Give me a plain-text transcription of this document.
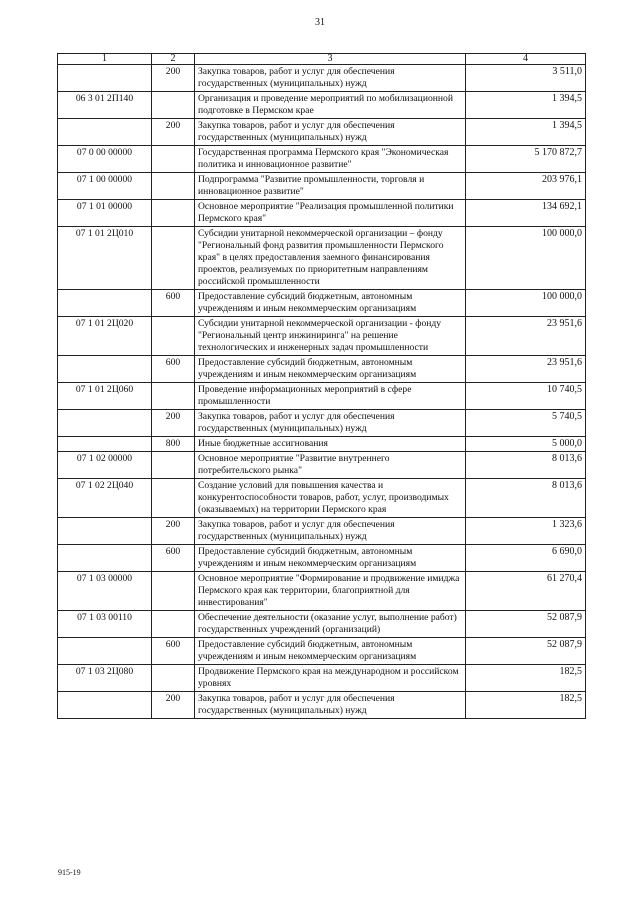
31
1	2	3	4
	200	Закупка товаров, работ и услуг для обеспечения государственных (муниципальных) нужд	3 511,0
06 3 01 2П140		Организация и проведение мероприятий по мобилизационной подготовке в Пермском крае	1 394,5
	200	Закупка товаров, работ и услуг для обеспечения государственных (муниципальных) нужд	1 394,5
07 0 00 00000		Государственная программа Пермского края "Экономическая политика и инновационное развитие"	5 170 872,7
07 1 00 00000		Подпрограмма "Развитие промышленности, торговля и инновационное развитие"	203 976,1
07 1 01 00000		Основное мероприятие "Реализация промышленной политики Пермского края"	134 692,1
07 1 01 2Ц010		Субсидии унитарной некоммерческой организации – фонду "Региональный фонд развития промышленности Пермского края" в целях предоставления заемного финансирования проектов, реализуемых по приоритетным направлениям российской промышленности	100 000,0
	600	Предоставление субсидий бюджетным, автономным учреждениям и иным некоммерческим организациям	100 000,0
07 1 01 2Ц020		Субсидии унитарной некоммерческой организации - фонду "Региональный центр инжиниринга" на решение технологических и инженерных задач промышленности	23 951,6
	600	Предоставление субсидий бюджетным, автономным учреждениям и иным некоммерческим организациям	23 951,6
07 1 01 2Ц060		Проведение информационных мероприятий в сфере промышленности	10 740,5
	200	Закупка товаров, работ и услуг для обеспечения государственных (муниципальных) нужд	5 740,5
	800	Иные бюджетные ассигнования	5 000,0
07 1 02 00000		Основное мероприятие "Развитие внутреннего потребительского рынка"	8 013,6
07 1 02 2Ц040		Создание условий для повышения качества и конкурентоспособности товаров, работ, услуг, производимых (оказываемых) на территории Пермского края	8 013,6
	200	Закупка товаров, работ и услуг для обеспечения государственных (муниципальных) нужд	1 323,6
	600	Предоставление субсидий бюджетным, автономным учреждениям и иным некоммерческим организациям	6 690,0
07 1 03 00000		Основное мероприятие "Формирование и продвижение имиджа Пермского края как территории, благоприятной для инвестирования"	61 270,4
07 1 03 00110		Обеспечение деятельности (оказание услуг, выполнение работ) государственных учреждений (организаций)	52 087,9
	600	Предоставление субсидий бюджетным, автономным учреждениям и иным некоммерческим организациям	52 087,9
07 1 03 2Ц080		Продвижение Пермского края на международном и российском уровнях	182,5
	200	Закупка товаров, работ и услуг для обеспечения государственных (муниципальных) нужд	182,5
915-19
